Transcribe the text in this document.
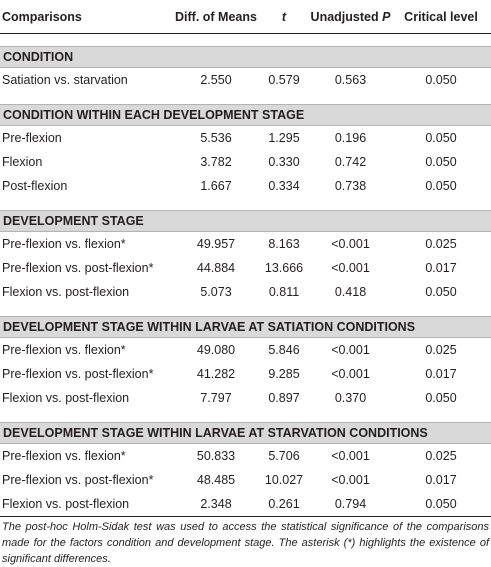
Comparisons	Diff. of Means	t	Unadjusted P	Critical level

CONDITION				
Satiation vs. starvation	2.550	0.579	0.563	0.050

CONDITION WITHIN EACH DEVELOPMENT STAGE				
Pre-flexion	5.536	1.295	0.196	0.050
Flexion	3.782	0.330	0.742	0.050
Post-flexion	1.667	0.334	0.738	0.050

DEVELOPMENT STAGE				
Pre-flexion vs. flexion*	49.957	8.163	<0.001	0.025
Pre-flexion vs. post-flexion*	44.884	13.666	<0.001	0.017
Flexion vs. post-flexion	5.073	0.811	0.418	0.050

DEVELOPMENT STAGE WITHIN LARVAE AT SATIATION CONDITIONS				
Pre-flexion vs. flexion*	49.080	5.846	<0.001	0.025
Pre-flexion vs. post-flexion*	41.282	9.285	<0.001	0.017
Flexion vs. post-flexion	7.797	0.897	0.370	0.050

DEVELOPMENT STAGE WITHIN LARVAE AT STARVATION CONDITIONS				
Pre-flexion vs. flexion*	50.833	5.706	<0.001	0.025
Pre-flexion vs. post-flexion*	48.485	10.027	<0.001	0.017
Flexion vs. post-flexion	2.348	0.261	0.794	0.050
The post-hoc Holm-Sidak test was used to access the statistical significance of the comparisons made for the factors condition and development stage. The asterisk (*) highlights the existence of significant differences.
